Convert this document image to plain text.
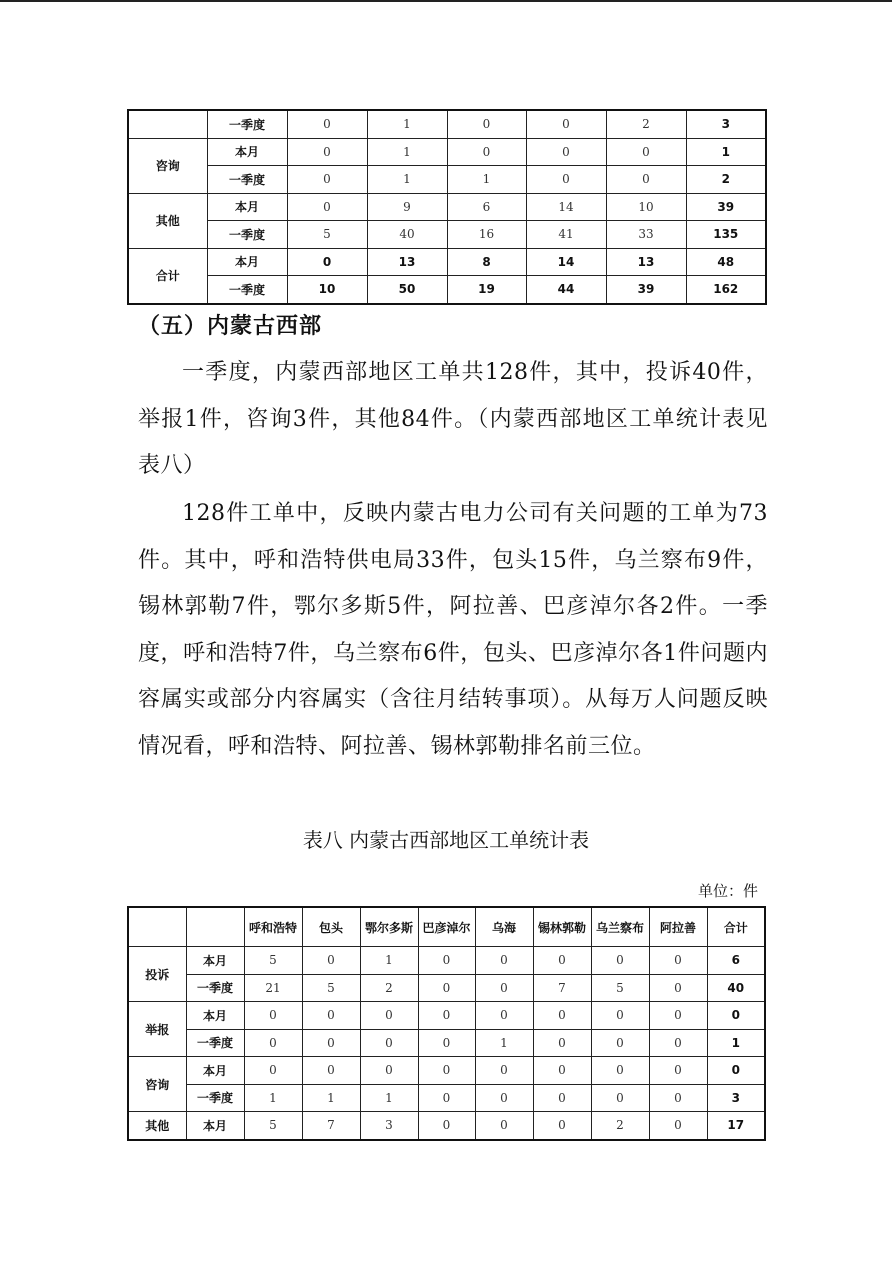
	一季度	0	1	0	0	2	3
咨询	本月	0	1	0	0	0	1
	一季度	0	1	1	0	0	2
其他	本月	0	9	6	14	10	39
	一季度	5	40	16	41	33	135
合计	本月	0	13	8	14	13	48
	一季度	10	50	19	44	39	162
（五）内蒙古西部
一季度，内蒙西部地区工单共128件，其中，投诉40件，举报1件，咨询3件，其他84件。（内蒙西部地区工单统计表见表八）
128件工单中，反映内蒙古电力公司有关问题的工单为73件。其中，呼和浩特供电局33件，包头15件，乌兰察布9件，锡林郭勒7件，鄂尔多斯5件，阿拉善、巴彦淖尔各2件。一季度，呼和浩特7件，乌兰察布6件，包头、巴彦淖尔各1件问题内容属实或部分内容属实（含往月结转事项）。从每万人问题反映情况看，呼和浩特、阿拉善、锡林郭勒排名前三位。
表八 内蒙古西部地区工单统计表
单位：件
		呼和浩特	包头	鄂尔多斯	巴彦淖尔	乌海	锡林郭勒	乌兰察布	阿拉善	合计
投诉	本月	5	0	1	0	0	0	0	0	6
	一季度	21	5	2	0	0	7	5	0	40
举报	本月	0	0	0	0	0	0	0	0	0
	一季度	0	0	0	0	1	0	0	0	1
咨询	本月	0	0	0	0	0	0	0	0	0
	一季度	1	1	1	0	0	0	0	0	3
其他	本月	5	7	3	0	0	0	2	0	17
